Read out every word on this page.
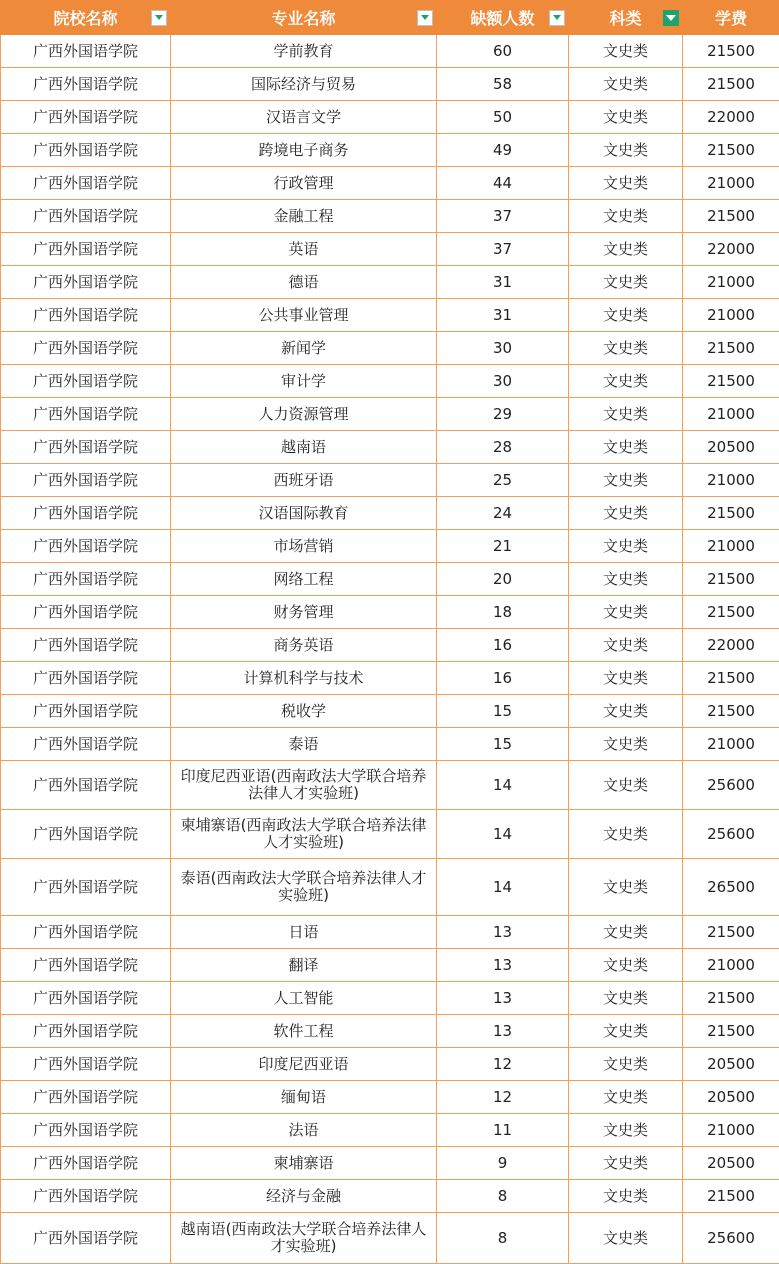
院校名称	专业名称	缺额人数	科类	学费
广西外国语学院	学前教育	60	文史类	21500
广西外国语学院	国际经济与贸易	58	文史类	21500
广西外国语学院	汉语言文学	50	文史类	22000
广西外国语学院	跨境电子商务	49	文史类	21500
广西外国语学院	行政管理	44	文史类	21000
广西外国语学院	金融工程	37	文史类	21500
广西外国语学院	英语	37	文史类	22000
广西外国语学院	德语	31	文史类	21000
广西外国语学院	公共事业管理	31	文史类	21000
广西外国语学院	新闻学	30	文史类	21500
广西外国语学院	审计学	30	文史类	21500
广西外国语学院	人力资源管理	29	文史类	21000
广西外国语学院	越南语	28	文史类	20500
广西外国语学院	西班牙语	25	文史类	21000
广西外国语学院	汉语国际教育	24	文史类	21500
广西外国语学院	市场营销	21	文史类	21000
广西外国语学院	网络工程	20	文史类	21500
广西外国语学院	财务管理	18	文史类	21500
广西外国语学院	商务英语	16	文史类	22000
广西外国语学院	计算机科学与技术	16	文史类	21500
广西外国语学院	税收学	15	文史类	21500
广西外国语学院	泰语	15	文史类	21000
广西外国语学院	印度尼西亚语(西南政法大学联合培养法律人才实验班)	14	文史类	25600
广西外国语学院	柬埔寨语(西南政法大学联合培养法律人才实验班)	14	文史类	25600
广西外国语学院	泰语(西南政法大学联合培养法律人才实验班)	14	文史类	26500
广西外国语学院	日语	13	文史类	21500
广西外国语学院	翻译	13	文史类	21000
广西外国语学院	人工智能	13	文史类	21500
广西外国语学院	软件工程	13	文史类	21500
广西外国语学院	印度尼西亚语	12	文史类	20500
广西外国语学院	缅甸语	12	文史类	20500
广西外国语学院	法语	11	文史类	21000
广西外国语学院	柬埔寨语	9	文史类	20500
广西外国语学院	经济与金融	8	文史类	21500
广西外国语学院	越南语(西南政法大学联合培养法律人才实验班)	8	文史类	25600
